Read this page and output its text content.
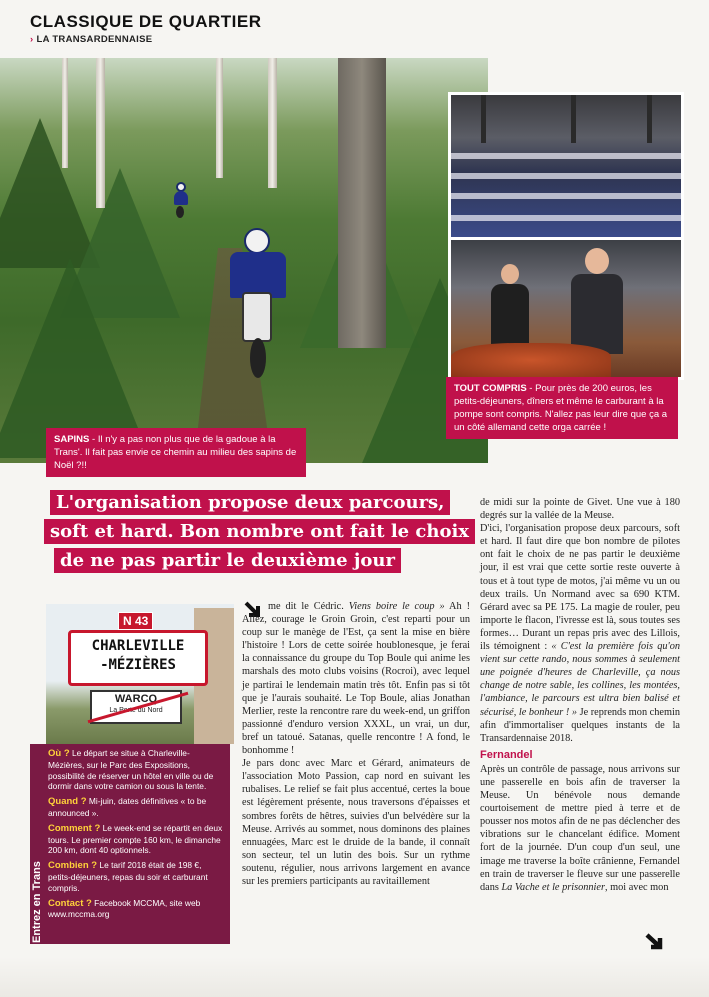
CLASSIQUE DE QUARTIER
› LA TRANSARDENNAISE
TOUT COMPRIS - Pour près de 200 euros, les petits-déjeuners, dîners et même le carburant à la pompe sont compris. N'allez pas leur dire que ça a un côté allemand cette orga carrée !
SAPINS - Il n'y a pas non plus que de la gadoue à la Trans'. Il fait pas envie ce chemin au milieu des sapins de Noël ?!!
L'organisation propose deux parcours,
soft et hard. Bon nombre ont fait le choix
de ne pas partir le deuxième jour
N 43
CHARLEVILLE
-MÉZIÈRES
WARCQ
La Porte du Nord
Entrez en Trans

Où ? Le départ se situe à Charleville-Mézières, sur le Parc des Expositions, possibilité de réserver un hôtel en ville ou de dormir dans votre camion ou sous la tente.

Quand ? Mi-juin, dates définitives « to be announced ».

Comment ? Le week-end se répartit en deux tours. Le premier compte 160 km, le dimanche 200 km, dont 40 optionnels.

Combien ? Le tarif 2018 était de 198 €, petits-déjeuners, repas du soir et carburant compris.

Contact ? Facebook MCCMA, site web www.mccma.org

me dit le Cédric. Viens boire le coup » Ah ! Allez, courage le Groin Groin, c'est reparti pour un coup sur le manège de l'Est, ça sent la mise en bière l'histoire ! Lors de cette soirée houblonesque, je ferai la connaissance du groupe du Top Boule qui anime les marshals des moto clubs voisins (Rocroi), avec lequel je partirai le lendemain matin très tôt. Enfin pas si tôt que je l'aurais souhaité. Le Top Boule, alias Jonathan Merlier, reste la rencontre rare du week-end, un griffon passionné d'enduro version XXXL, un vrai, un dur, bref un tatoué. Satanas, quelle rencontre ! A fond, le bonhomme !

Je pars donc avec Marc et Gérard, animateurs de l'association Moto Passion, cap nord en suivant les rubalises. Le relief se fait plus accentué, certes la boue est légèrement présente, nous traversons d'épaisses et sombres forêts de hêtres, suivies d'un belvédère sur la Meuse. Arrivés au sommet, nous dominons des plaines ennuagées, Marc est le druide de la bande, il connaît son secteur, tel un lutin des bois. Sur un rythme soutenu, régulier, nous arrivons largement en avance sur les premiers participants au ravitaillement

de midi sur la pointe de Givet. Une vue à 180 degrés sur la vallée de la Meuse.

D'ici, l'organisation propose deux parcours, soft et hard. Il faut dire que bon nombre de pilotes ont fait le choix de ne pas partir le deuxième jour, il est vrai que cette sortie reste ouverte à tous et à tout type de motos, j'ai même vu un ou deux trails. Un Normand avec sa 690 KTM. Gérard avec sa PE 175. La magie de rouler, peu importe le flacon, l'ivresse est là, sous toutes ses formes… Durant un repas pris avec des Lillois, ils témoignent : « C'est la première fois qu'on vient sur cette rando, nous sommes à seulement une poignée d'heures de Charleville, ça nous change de notre sable, les collines, les montées, l'ambiance, le parcours est ultra bien balisé et sécurisé, le bonheur ! » Je reprends mon chemin afin d'immortaliser quelques instants de la Transardennaise 2018.

Fernandel

Après un contrôle de passage, nous arrivons sur une passerelle en bois afin de traverser la Meuse. Un bénévole nous demande courtoisement de mettre pied à terre et de pousser nos motos afin de ne pas déclencher des vibrations sur le chancelant édifice. Moment fort de la journée. D'un coup d'un seul, une image me traverse la boîte crânienne, Fernandel en train de traverser le fleuve sur une passerelle dans La Vache et le prisonnier, moi avec mon
